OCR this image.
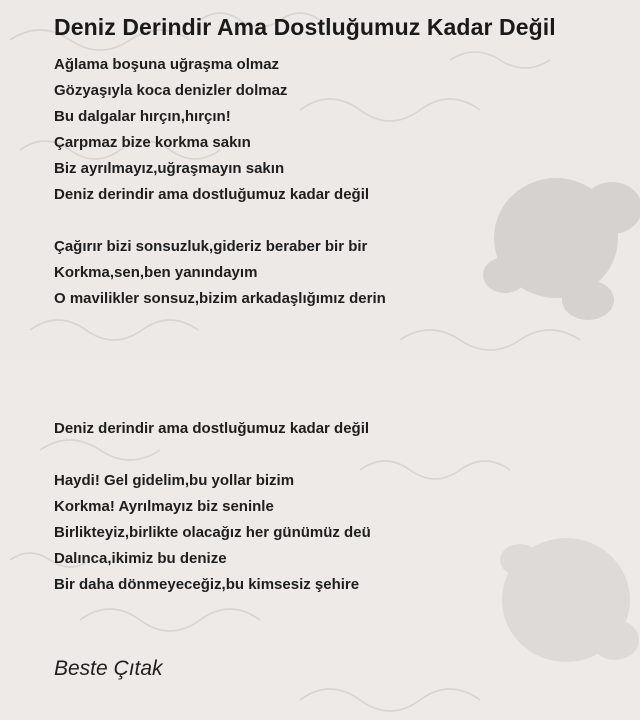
Deniz Derindir Ama Dostluğumuz Kadar Değil
Ağlama boşuna uğraşma olmaz
Gözyaşıyla koca denizler dolmaz
Bu dalgalar hırçın,hırçın!
Çarpmaz bize korkma sakın
Biz ayrılmayız,uğraşmayın sakın
Deniz derindir ama dostluğumuz kadar değil
Çağırır bizi sonsuzluk,gideriz beraber bir bir
Korkma,sen,ben yanındayım
O mavilikler sonsuz,bizim arkadaşlığımız derin
Deniz derindir ama dostluğumuz kadar değil
Haydi! Gel gidelim,bu yollar bizim
Korkma! Ayrılmayız biz seninle
Birlikteyiz,birlikte olacağız her günümüz deü
Dalınca,ikimiz bu denize
Bir daha dönmeyeceğiz,bu kimsesiz şehire
Beste Çıtak
